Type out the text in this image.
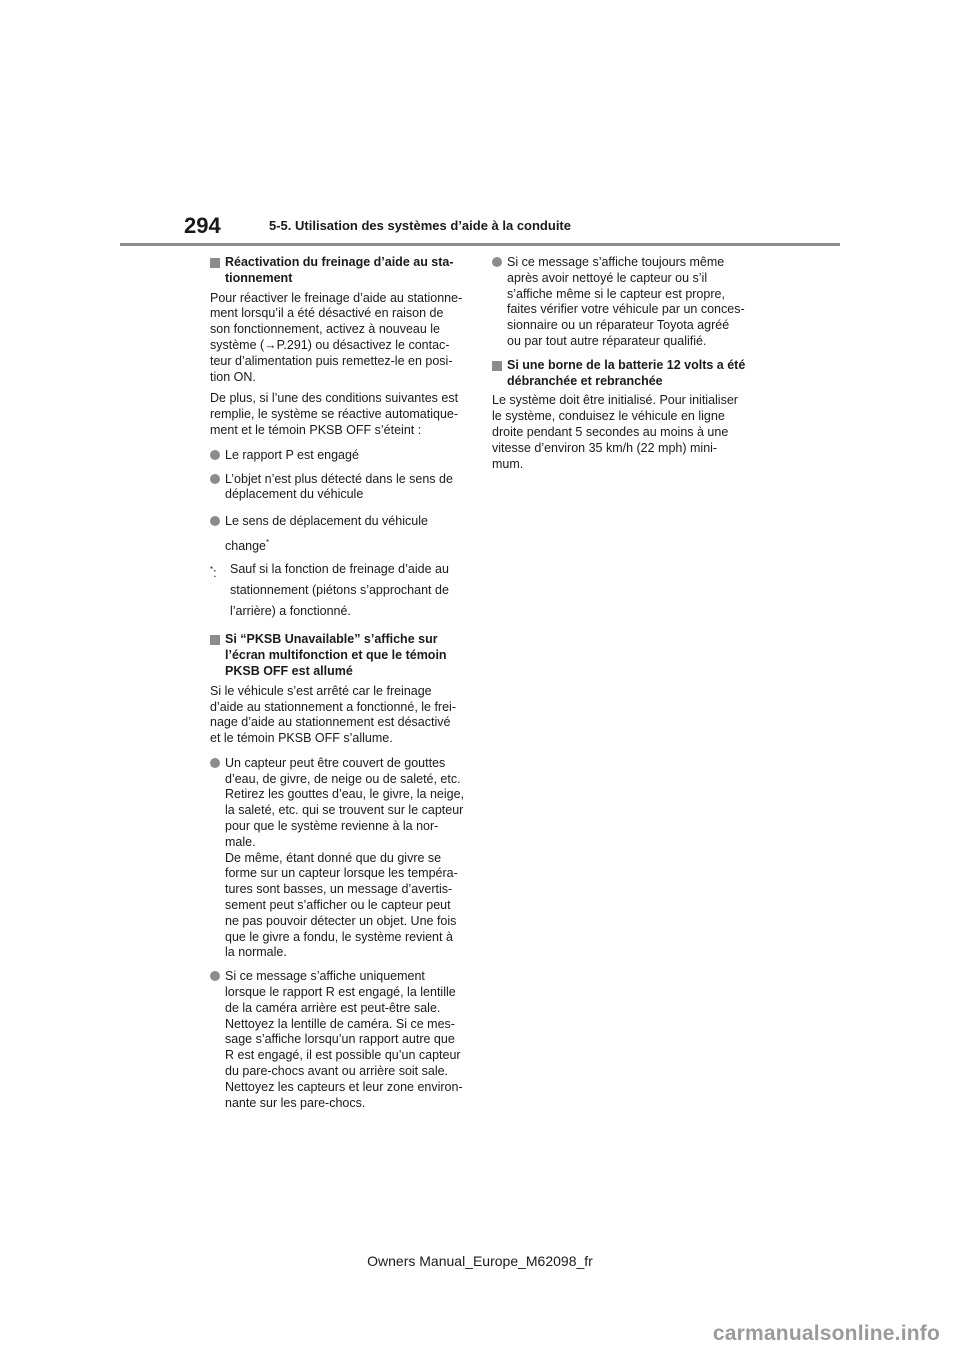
294	5-5. Utilisation des systèmes d’aide à la conduite
Réactivation du freinage d’aide au sta-
tionnement
Pour réactiver le freinage d’aide au stationne-
ment lorsqu’il a été désactivé en raison de
son fonctionnement, activez à nouveau le
système (→P.291) ou désactivez le contac-
teur d’alimentation puis remettez-le en posi-
tion ON.
De plus, si l’une des conditions suivantes est
remplie, le système se réactive automatique-
ment et le témoin PKSB OFF s’éteint :
Le rapport P est engagé
L’objet n’est plus détecté dans le sens de
déplacement du véhicule
Le sens de déplacement du véhicule
change*
*:	Sauf si la fonction de freinage d’aide au
stationnement (piétons s’approchant de
l’arrière) a fonctionné.
Si “PKSB Unavailable” s’affiche sur
l’écran multifonction et que le témoin
PKSB OFF est allumé
Si le véhicule s’est arrêté car le freinage
d’aide au stationnement a fonctionné, le frei-
nage d’aide au stationnement est désactivé
et le témoin PKSB OFF s’allume.
Un capteur peut être couvert de gouttes
d’eau, de givre, de neige ou de saleté, etc.
Retirez les gouttes d’eau, le givre, la neige,
la saleté, etc. qui se trouvent sur le capteur
pour que le système revienne à la nor-
male.
De même, étant donné que du givre se
forme sur un capteur lorsque les tempéra-
tures sont basses, un message d’avertis-
sement peut s’afficher ou le capteur peut
ne pas pouvoir détecter un objet. Une fois
que le givre a fondu, le système revient à
la normale.
Si ce message s’affiche uniquement
lorsque le rapport R est engagé, la lentille
de la caméra arrière est peut-être sale.
Nettoyez la lentille de caméra. Si ce mes-
sage s’affiche lorsqu’un rapport autre que
R est engagé, il est possible qu’un capteur
du pare-chocs avant ou arrière soit sale.
Nettoyez les capteurs et leur zone environ-
nante sur les pare-chocs.
Si ce message s’affiche toujours même
après avoir nettoyé le capteur ou s’il
s’affiche même si le capteur est propre,
faites vérifier votre véhicule par un conces-
sionnaire ou un réparateur Toyota agréé
ou par tout autre réparateur qualifié.
Si une borne de la batterie 12 volts a été
débranchée et rebranchée
Le système doit être initialisé. Pour initialiser
le système, conduisez le véhicule en ligne
droite pendant 5 secondes au moins à une
vitesse d’environ 35 km/h (22 mph) mini-
mum.
Owners Manual_Europe_M62098_fr
carmanualsonline.info
